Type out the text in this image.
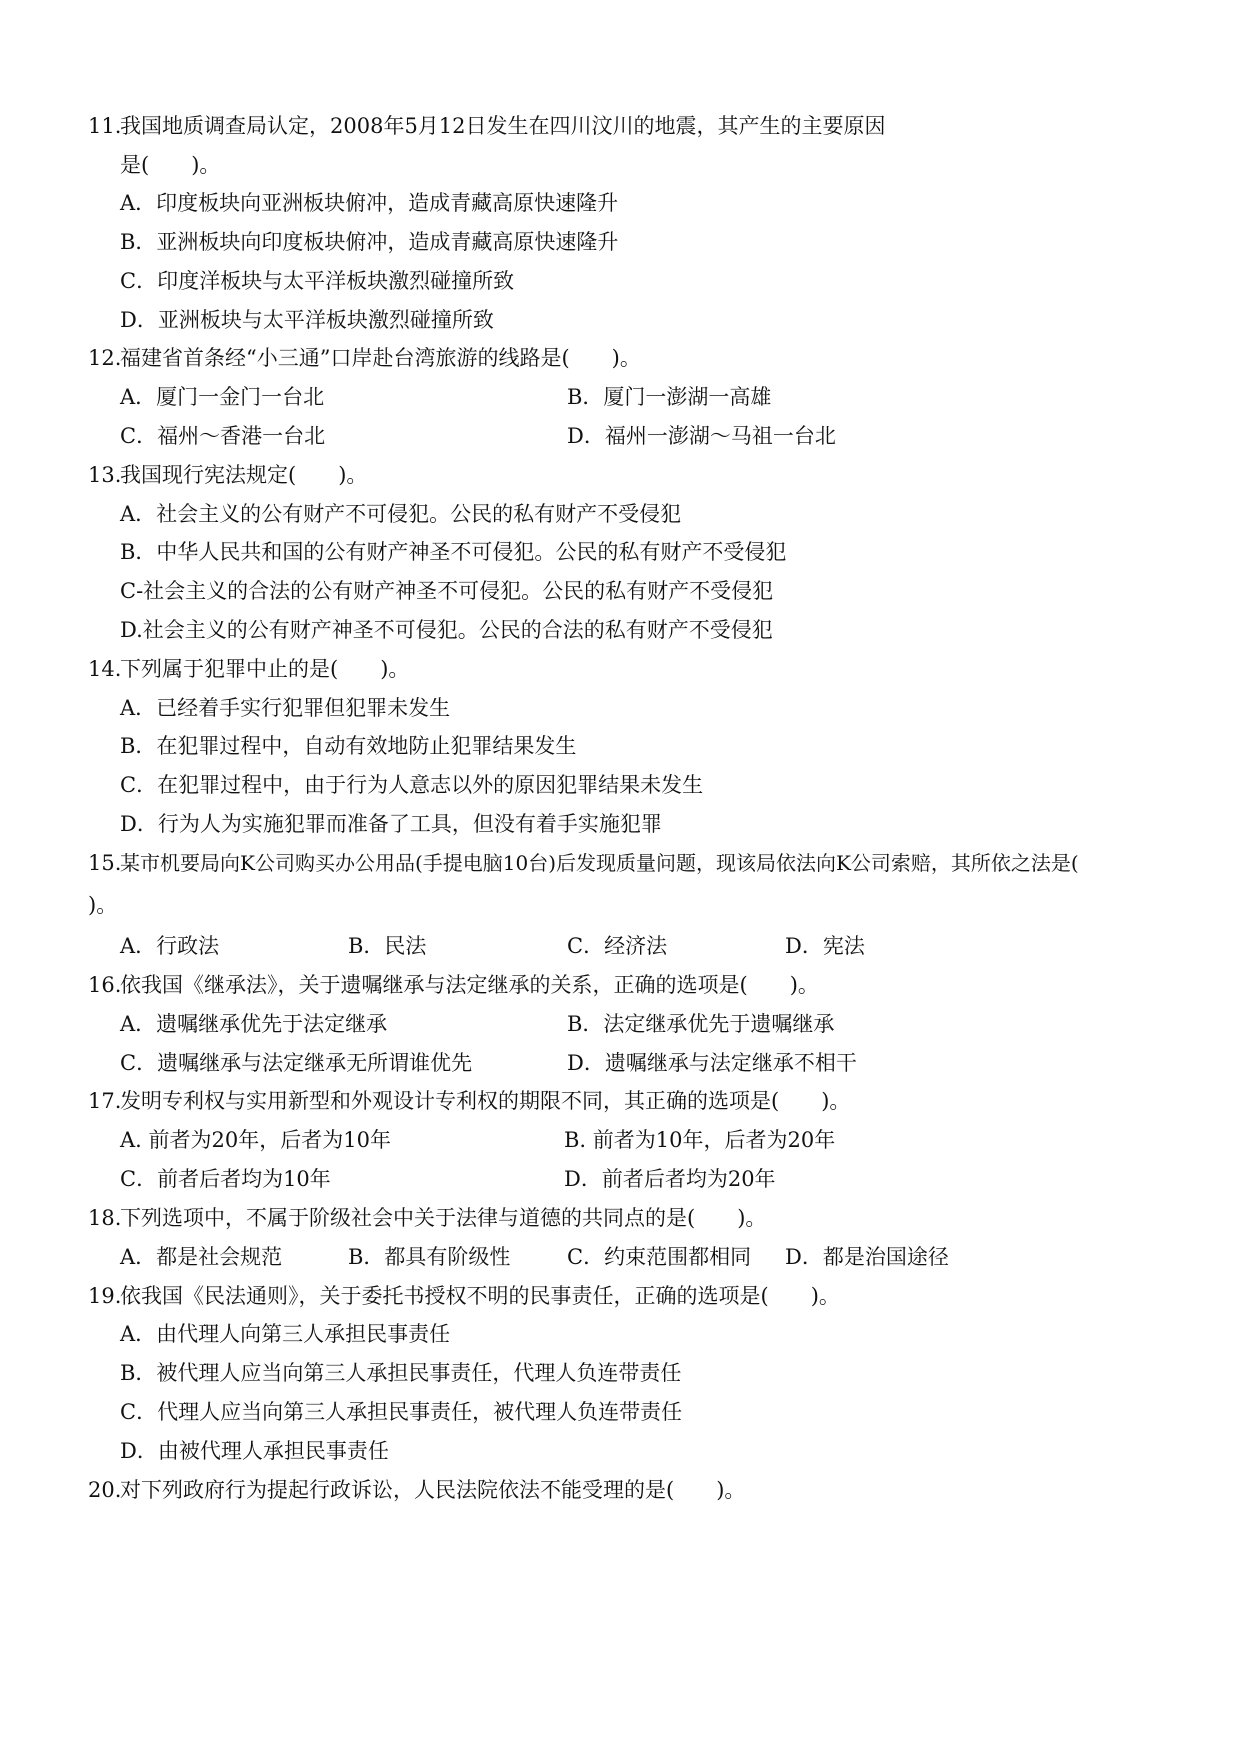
11.
我国地质调查局认定，2008年5月12日发生在四川汶川的地震，其产生的主要原因
是(　　)。
A．印度板块向亚洲板块俯冲，造成青藏高原快速隆升
B．亚洲板块向印度板块俯冲，造成青藏高原快速隆升
C．印度洋板块与太平洋板块激烈碰撞所致
D．亚洲板块与太平洋板块激烈碰撞所致
12.
福建省首条经“小三通”口岸赴台湾旅游的线路是(　　)。
A．厦门一金门一台北	B．厦门一澎湖一高雄
C．福州～香港一台北	D．福州一澎湖～马祖一台北
13.
我国现行宪法规定(　　)。
A．社会主义的公有财产不可侵犯。公民的私有财产不受侵犯
B．中华人民共和国的公有财产神圣不可侵犯。公民的私有财产不受侵犯
C-社会主义的合法的公有财产神圣不可侵犯。公民的私有财产不受侵犯
D.社会主义的公有财产神圣不可侵犯。公民的合法的私有财产不受侵犯
14.
下列属于犯罪中止的是(　　)。
A．已经着手实行犯罪但犯罪未发生
B．在犯罪过程中，自动有效地防止犯罪结果发生
C．在犯罪过程中，由于行为人意志以外的原因犯罪结果未发生
D．行为人为实施犯罪而准备了工具，但没有着手实施犯罪
15.
某市机要局向K公司购买办公用品(手提电脑10台)后发现质量问题，现该局依法向K公司索赔，其所依之法是(
)。
A．行政法	B．民法	C．经济法	D．宪法
16.
依我国《继承法》，关于遗嘱继承与法定继承的关系，正确的选项是(　　)。
A．遗嘱继承优先于法定继承	B．法定继承优先于遗嘱继承
C．遗嘱继承与法定继承无所谓谁优先	D．遗嘱继承与法定继承不相干
17.
发明专利权与实用新型和外观设计专利权的期限不同，其正确的选项是(　　)。
A. 前者为20年，后者为10年	B. 前者为10年，后者为20年
C．前者后者均为10年	D．前者后者均为20年
18.
下列选项中，不属于阶级社会中关于法律与道德的共同点的是(　　)。
A．都是社会规范	B．都具有阶级性	C．约束范围都相同 D．都是治国途径
19.
依我国《民法通则》，关于委托书授权不明的民事责任，正确的选项是(　　)。
A．由代理人向第三人承担民事责任
B．被代理人应当向第三人承担民事责任，代理人负连带责任
C．代理人应当向第三人承担民事责任，被代理人负连带责任
D．由被代理人承担民事责任
20.
对下列政府行为提起行政诉讼，人民法院依法不能受理的是(　　)。
